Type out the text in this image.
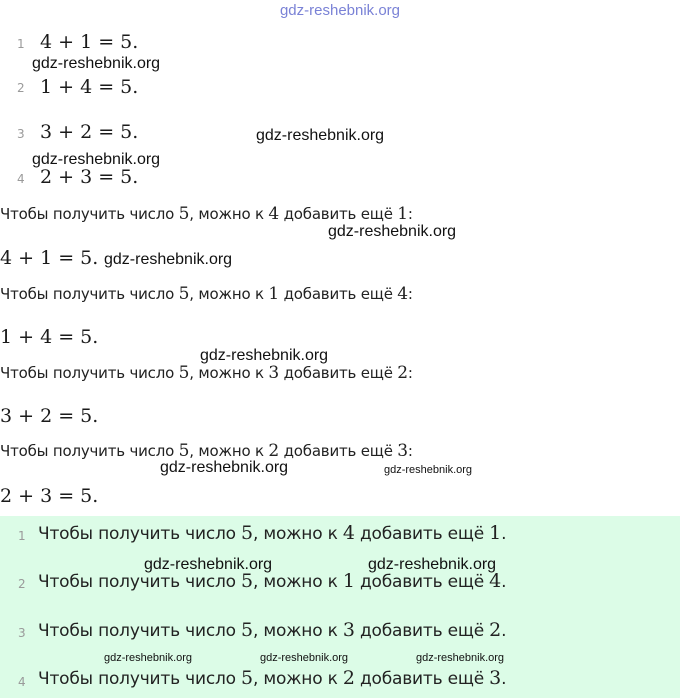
gdz-reshebnik.org
1 4 + 1 = 5.
2 1 + 4 = 5.
3 3 + 2 = 5.
4 2 + 3 = 5.
Чтобы получить число 5, можно к 4 добавить ещё 1:
4 + 1 = 5.
Чтобы получить число 5, можно к 1 добавить ещё 4:
1 + 4 = 5.
Чтобы получить число 5, можно к 3 добавить ещё 2:
3 + 2 = 5.
Чтобы получить число 5, можно к 2 добавить ещё 3:
2 + 3 = 5.
1 Чтобы получить число 5, можно к 4 добавить ещё 1.
2 Чтобы получить число 5, можно к 1 добавить ещё 4.
3 Чтобы получить число 5, можно к 3 добавить ещё 2.
4 Чтобы получить число 5, можно к 2 добавить ещё 3.
gdz-reshebnik.org
gdz-reshebnik.org
gdz-reshebnik.org
gdz-reshebnik.org
gdz-reshebnik.org
gdz-reshebnik.org
gdz-reshebnik.org	gdz-reshebnik.org
gdz-reshebnik.org	gdz-reshebnik.org
gdz-reshebnik.org	gdz-reshebnik.org	gdz-reshebnik.org
